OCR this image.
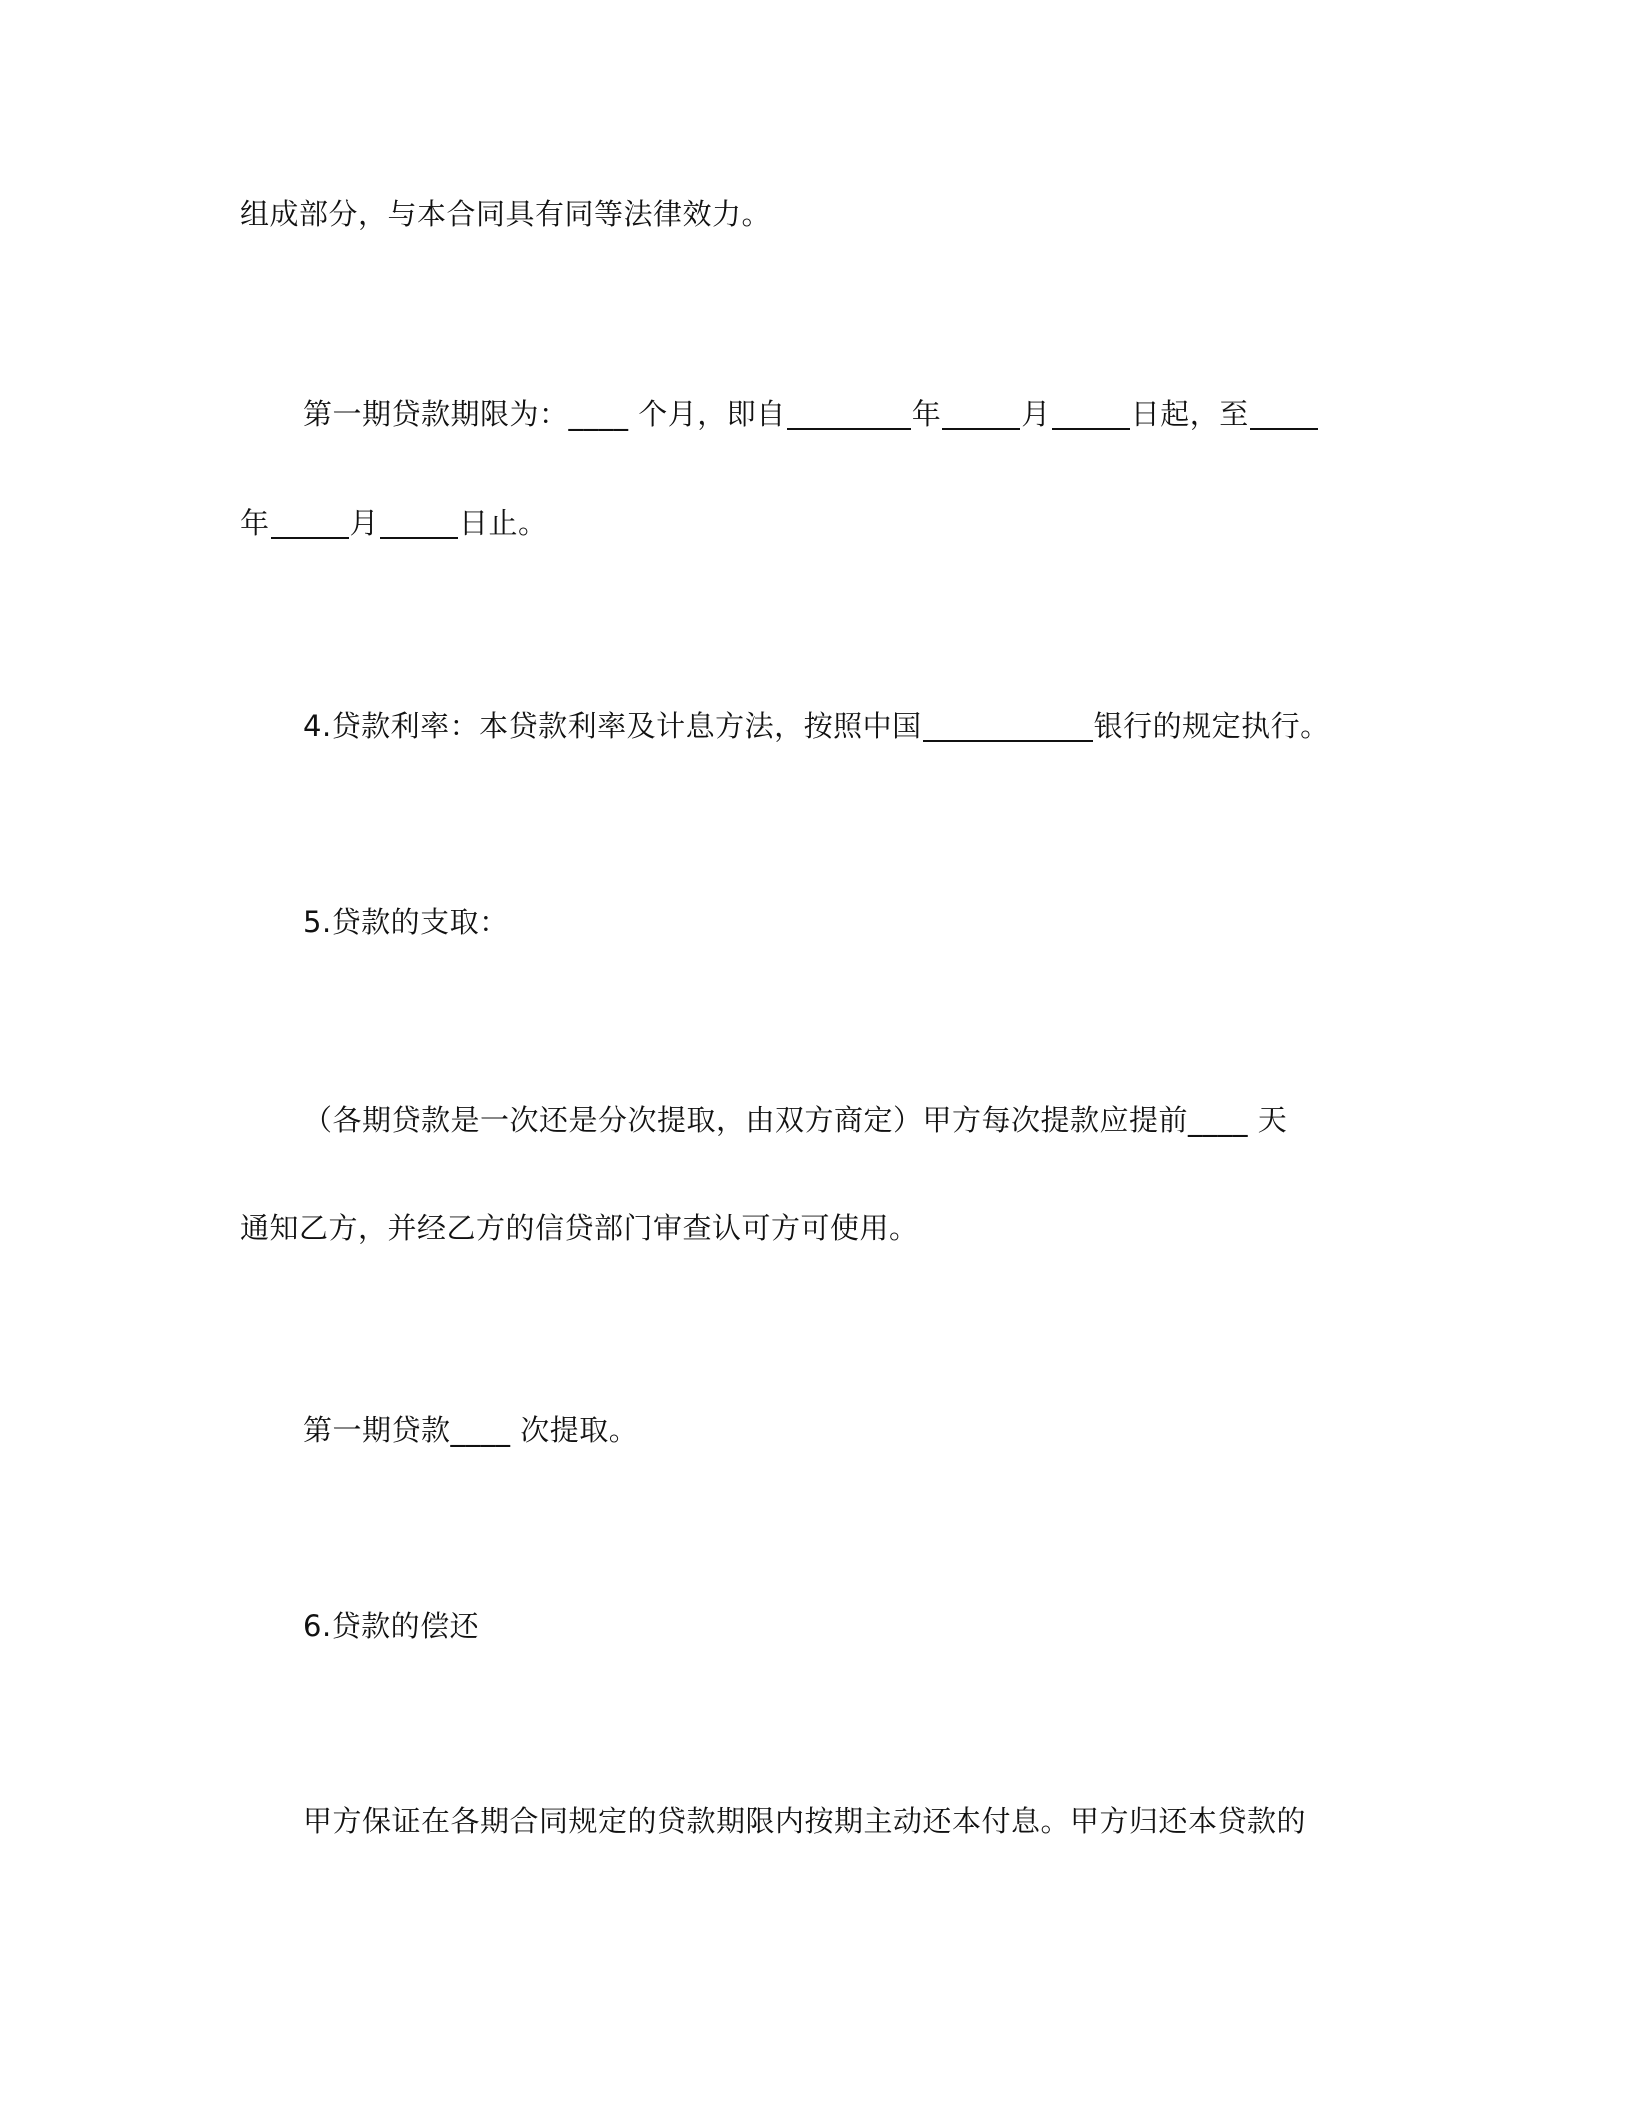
组成部分，与本合同具有同等法律效力。
第一期贷款期限为：____ 个月，即自	年	月	日起，至
年	月	日止。
4.贷款利率：本贷款利率及计息方法，按照中国	银行的规定执行。
5.贷款的支取：
（各期贷款是一次还是分次提取，由双方商定）甲方每次提款应提前____ 天
通知乙方，并经乙方的信贷部门审查认可方可使用。
第一期贷款____ 次提取。
6.贷款的偿还
甲方保证在各期合同规定的贷款期限内按期主动还本付息。甲方归还本贷款的
